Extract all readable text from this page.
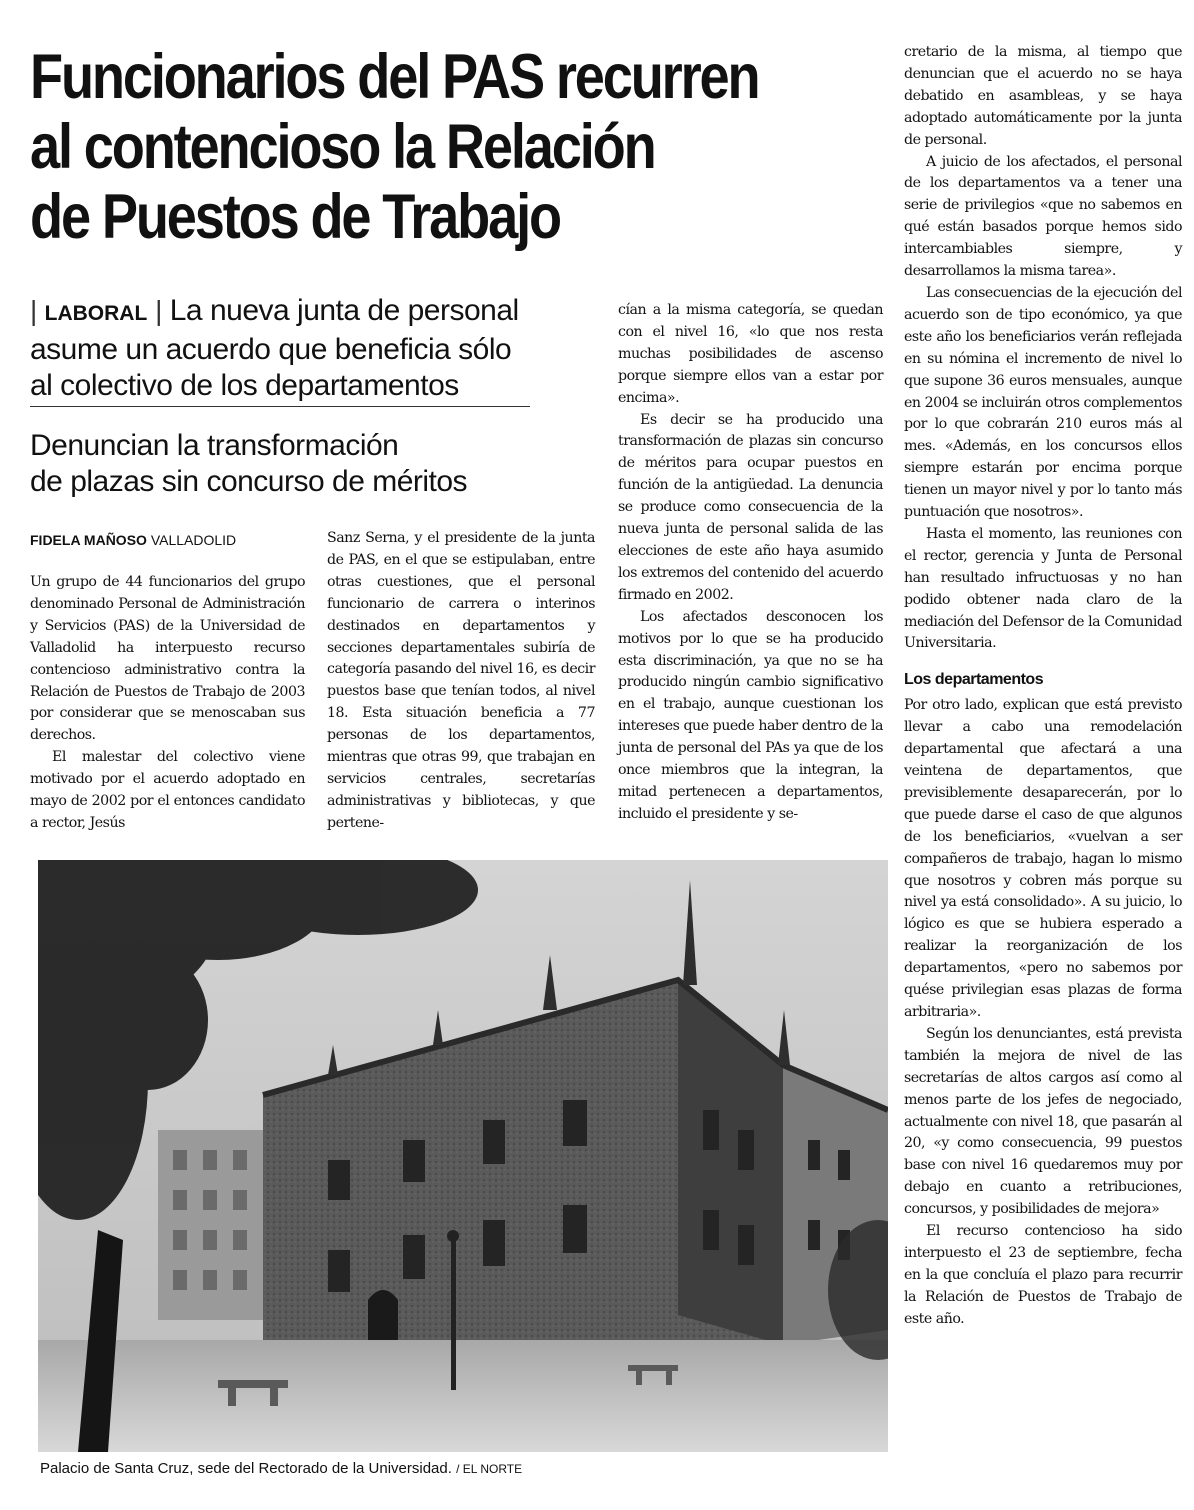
Funcionarios del PAS recurren
al contencioso la Relación
de Puestos de Trabajo
| LABORAL | La nueva junta de personal
asume un acuerdo que beneficia sólo
al colectivo de los departamentos
Denuncian la transformación
de plazas sin concurso de méritos
FIDELA MAÑOSO VALLADOLID

Un grupo de 44 funcionarios del grupo denominado Personal de Administración y Servicios (PAS) de la Universidad de Valladolid ha interpuesto recurso contencioso administrativo contra la Relación de Puestos de Trabajo de 2003 por considerar que se menoscaban sus derechos.

El malestar del colectivo viene motivado por el acuerdo adoptado en mayo de 2002 por el entonces candidato a rector, Jesús

Sanz Serna, y el presidente de la junta de PAS, en el que se estipulaban, entre otras cuestiones, que el personal funcionario de carrera o interinos destinados en departamentos y secciones departamentales subiría de categoría pasando del nivel 16, es decir puestos base que tenían todos, al nivel 18. Esta situación beneficia a 77 personas de los departamentos, mientras que otras 99, que trabajan en servicios centrales, secretarías administrativas y bibliotecas, y que pertene-

cían a la misma categoría, se quedan con el nivel 16, «lo que nos resta muchas posibilidades de ascenso porque siempre ellos van a estar por encima».

Es decir se ha producido una transformación de plazas sin concurso de méritos para ocupar puestos en función de la antigüedad. La denuncia se produce como consecuencia de la nueva junta de personal salida de las elecciones de este año haya asumido los extremos del contenido del acuerdo firmado en 2002.

Los afectados desconocen los motivos por lo que se ha producido esta discriminación, ya que no se ha producido ningún cambio significativo en el trabajo, aunque cuestionan los intereses que puede haber dentro de la junta de personal del PAs ya que de los once miembros que la integran, la mitad pertenecen a departamentos, incluido el presidente y se-

cretario de la misma, al tiempo que denuncian que el acuerdo no se haya debatido en asambleas, y se haya adoptado automáticamente por la junta de personal.

A juicio de los afectados, el personal de los departamentos va a tener una serie de privilegios «que no sabemos en qué están basados porque hemos sido intercambiables siempre, y desarrollamos la misma tarea».

Las consecuencias de la ejecución del acuerdo son de tipo económico, ya que este año los beneficiarios verán reflejada en su nómina el incremento de nivel lo que supone 36 euros mensuales, aunque en 2004 se incluirán otros complementos por lo que cobrarán 210 euros más al mes. «Además, en los concursos ellos siempre estarán por encima porque tienen un mayor nivel y por lo tanto más puntuación que nosotros».

Hasta el momento, las reuniones con el rector, gerencia y Junta de Personal han resultado infructuosas y no han podido obtener nada claro de la mediación del Defensor de la Comunidad Universitaria.

Los departamentos

Por otro lado, explican que está previsto llevar a cabo una remodelación departamental que afectará a una veintena de departamentos, que previsiblemente desaparecerán, por lo que puede darse el caso de que algunos de los beneficiarios, «vuelvan a ser compañeros de trabajo, hagan lo mismo que nosotros y cobren más porque su nivel ya está consolidado». A su juicio, lo lógico es que se hubiera esperado a realizar la reorganización de los departamentos, «pero no sabemos por quése privilegian esas plazas de forma arbitraria».

Según los denunciantes, está prevista también la mejora de nivel de las secretarías de altos cargos así como al menos parte de los jefes de negociado, actualmente con nivel 18, que pasarán al 20, «y como consecuencia, 99 puestos base con nivel 16 quedaremos muy por debajo en cuanto a retribuciones, concursos, y posibilidades de mejora»

El recurso contencioso ha sido interpuesto el 23 de septiembre, fecha en la que concluía el plazo para recurrir la Relación de Puestos de Trabajo de este año.

Palacio de Santa Cruz, sede del Rectorado de la Universidad. / EL NORTE
